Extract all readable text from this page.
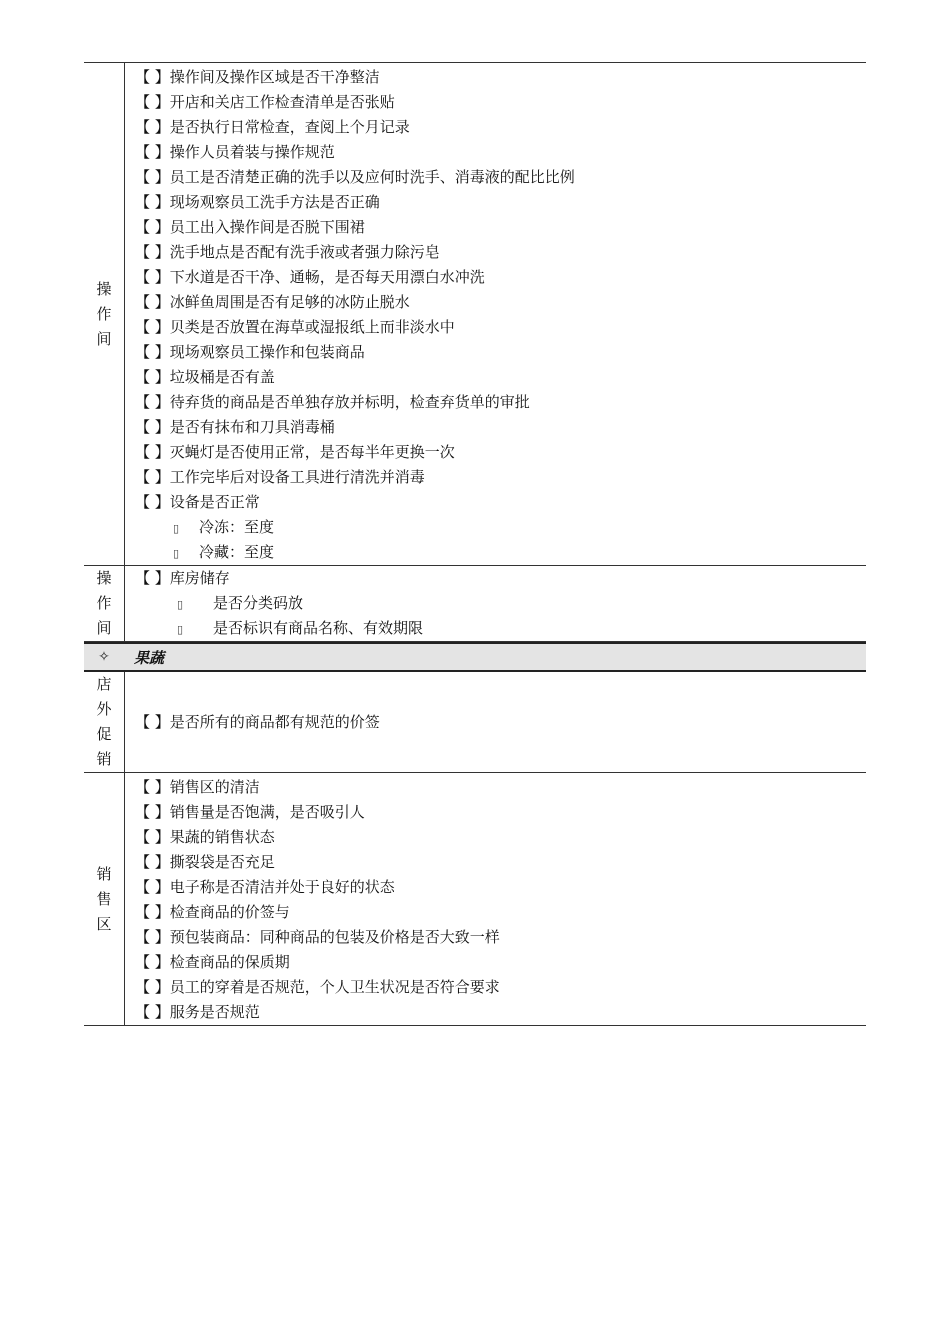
操作间
【 】操作间及操作区域是否干净整洁
【 】开店和关店工作检查清单是否张贴
【 】是否执行日常检查，查阅上个月记录
【 】操作人员着装与操作规范
【 】员工是否清楚正确的洗手以及应何时洗手、消毒液的配比比例
【 】现场观察员工洗手方法是否正确
【 】员工出入操作间是否脱下围裙
【 】洗手地点是否配有洗手液或者强力除污皂
【 】下水道是否干净、通畅，是否每天用漂白水冲洗
【 】冰鲜鱼周围是否有足够的冰防止脱水
【 】贝类是否放置在海草或湿报纸上而非淡水中
【 】现场观察员工操作和包装商品
【 】垃圾桶是否有盖
【 】待弃货的商品是否单独存放并标明，检查弃货单的审批
【 】是否有抹布和刀具消毒桶
【 】灭蝇灯是否使用正常，是否每半年更换一次
【 】工作完毕后对设备工具进行清洗并消毒
【 】设备是否正常
▯ 冷冻：至度
▯ 冷藏：至度
操作间
【 】库房储存
▯ 是否分类码放
▯ 是否标识有商品名称、有效期限
✧	果蔬
店外促销
【 】是否所有的商品都有规范的价签
销售区
【 】销售区的清洁
【 】销售量是否饱满，是否吸引人
【 】果蔬的销售状态
【 】撕裂袋是否充足
【 】电子称是否清洁并处于良好的状态
【 】检查商品的价签与
【 】预包装商品：同种商品的包装及价格是否大致一样
【 】检查商品的保质期
【 】员工的穿着是否规范，个人卫生状况是否符合要求
【 】服务是否规范
